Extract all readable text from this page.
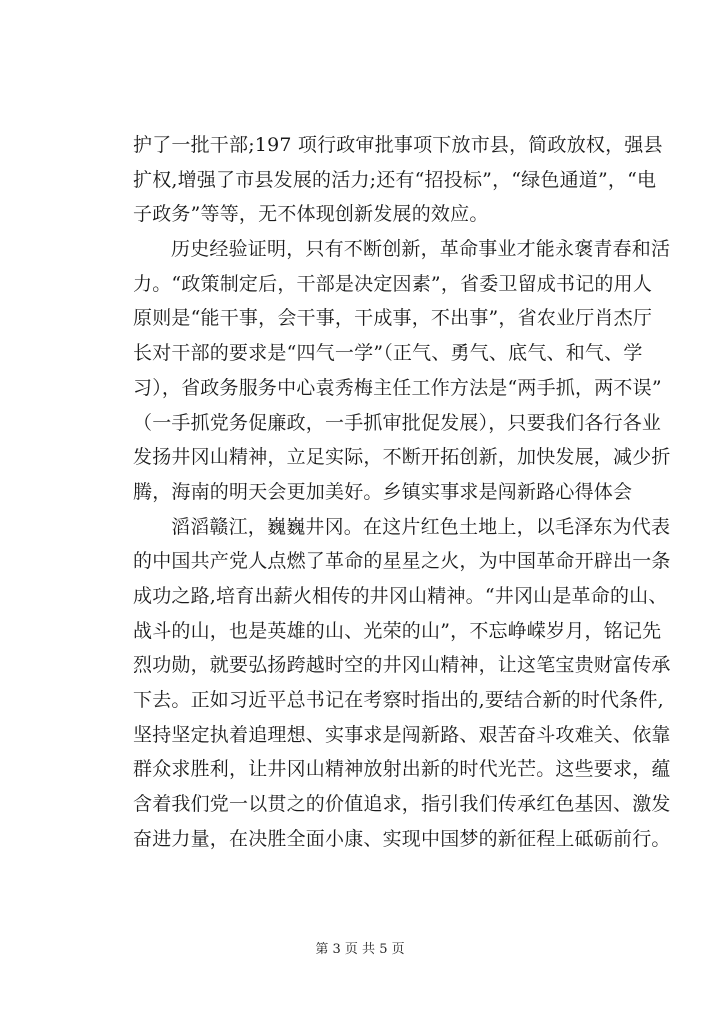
护了一批干部;197 项行政审批事项下放市县，简政放权，强县
扩权,增强了市县发展的活力;还有“招投标”，“绿色通道”，“电
子政务”等等，无不体现创新发展的效应。
历史经验证明，只有不断创新，革命事业才能永褒青春和活
力。“政策制定后，干部是决定因素”，省委卫留成书记的用人
原则是“能干事，会干事，干成事，不出事”，省农业厅肖杰厅
长对干部的要求是“四气一学”（正气、勇气、底气、和气、学
习），省政务服务中心袁秀梅主任工作方法是“两手抓，两不误”
（一手抓党务促廉政，一手抓审批促发展），只要我们各行各业
发扬井冈山精神，立足实际，不断开拓创新，加快发展，减少折
腾，海南的明天会更加美好。乡镇实事求是闯新路心得体会
滔滔赣江，巍巍井冈。在这片红色土地上，以毛泽东为代表
的中国共产党人点燃了革命的星星之火，为中国革命开辟出一条
成功之路,培育出薪火相传的井冈山精神。“井冈山是革命的山、
战斗的山，也是英雄的山、光荣的山”，不忘峥嵘岁月，铭记先
烈功勋，就要弘扬跨越时空的井冈山精神，让这笔宝贵财富传承
下去。正如习近平总书记在考察时指出的,要结合新的时代条件,
坚持坚定执着追理想、实事求是闯新路、艰苦奋斗攻难关、依靠
群众求胜利，让井冈山精神放射出新的时代光芒。这些要求，蕴
含着我们党一以贯之的价值追求，指引我们传承红色基因、激发
奋进力量，在决胜全面小康、实现中国梦的新征程上砥砺前行。
第 3 页 共 5 页
